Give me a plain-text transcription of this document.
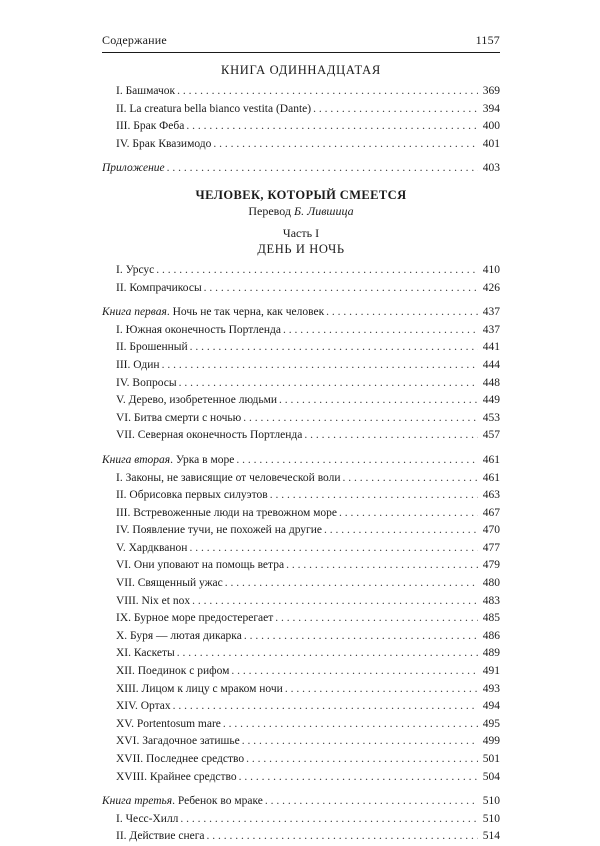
Содержание	1157
КНИГА ОДИННАДЦАТАЯ
I. Башмачок . . .	369
II. La creatura bella bianco vestita (Dante) . . .	394
III. Брак Феба . . .	400
IV. Брак Квазимодо . . .	401
Приложение . . .	403
ЧЕЛОВЕК, КОТОРЫЙ СМЕЕТСЯ
Перевод Б. Лившица
Часть I
ДЕНЬ И НОЧЬ
I. Урсус . . .	410
II. Компрачикосы . . .	426
Книга первая. Ночь не так черна, как человек . . .	437
I. Южная оконечность Портленда . . .	437
II. Брошенный . . .	441
III. Один . . .	444
IV. Вопросы . . .	448
V. Дерево, изобретенное людьми . . .	449
VI. Битва смерти с ночью . . .	453
VII. Северная оконечность Портленда . . .	457
Книга вторая. Урка в море . . .	461
I. Законы, не зависящие от человеческой воли . . .	461
II. Обрисовка первых силуэтов . . .	463
III. Встревоженные люди на тревожном море . . .	467
IV. Появление тучи, не похожей на другие . . .	470
V. Хардкванон . . .	477
VI. Они уповают на помощь ветра . . .	479
VII. Священный ужас . . .	480
VIII. Nix et nox . . .	483
IX. Бурное море предостерегает . . .	485
X. Буря — лютая дикарка . . .	486
XI. Каскеты . . .	489
XII. Поединок с рифом . . .	491
XIII. Лицом к лицу с мраком ночи . . .	493
XIV. Ортах . . .	494
XV. Portentosum mare . . .	495
XVI. Загадочное затишье . . .	499
XVII. Последнее средство . . .	501
XVIII. Крайнее средство . . .	504
Книга третья. Ребенок во мраке . . .	510
I. Чесс-Хилл . . .	510
II. Действие снега . . .	514
